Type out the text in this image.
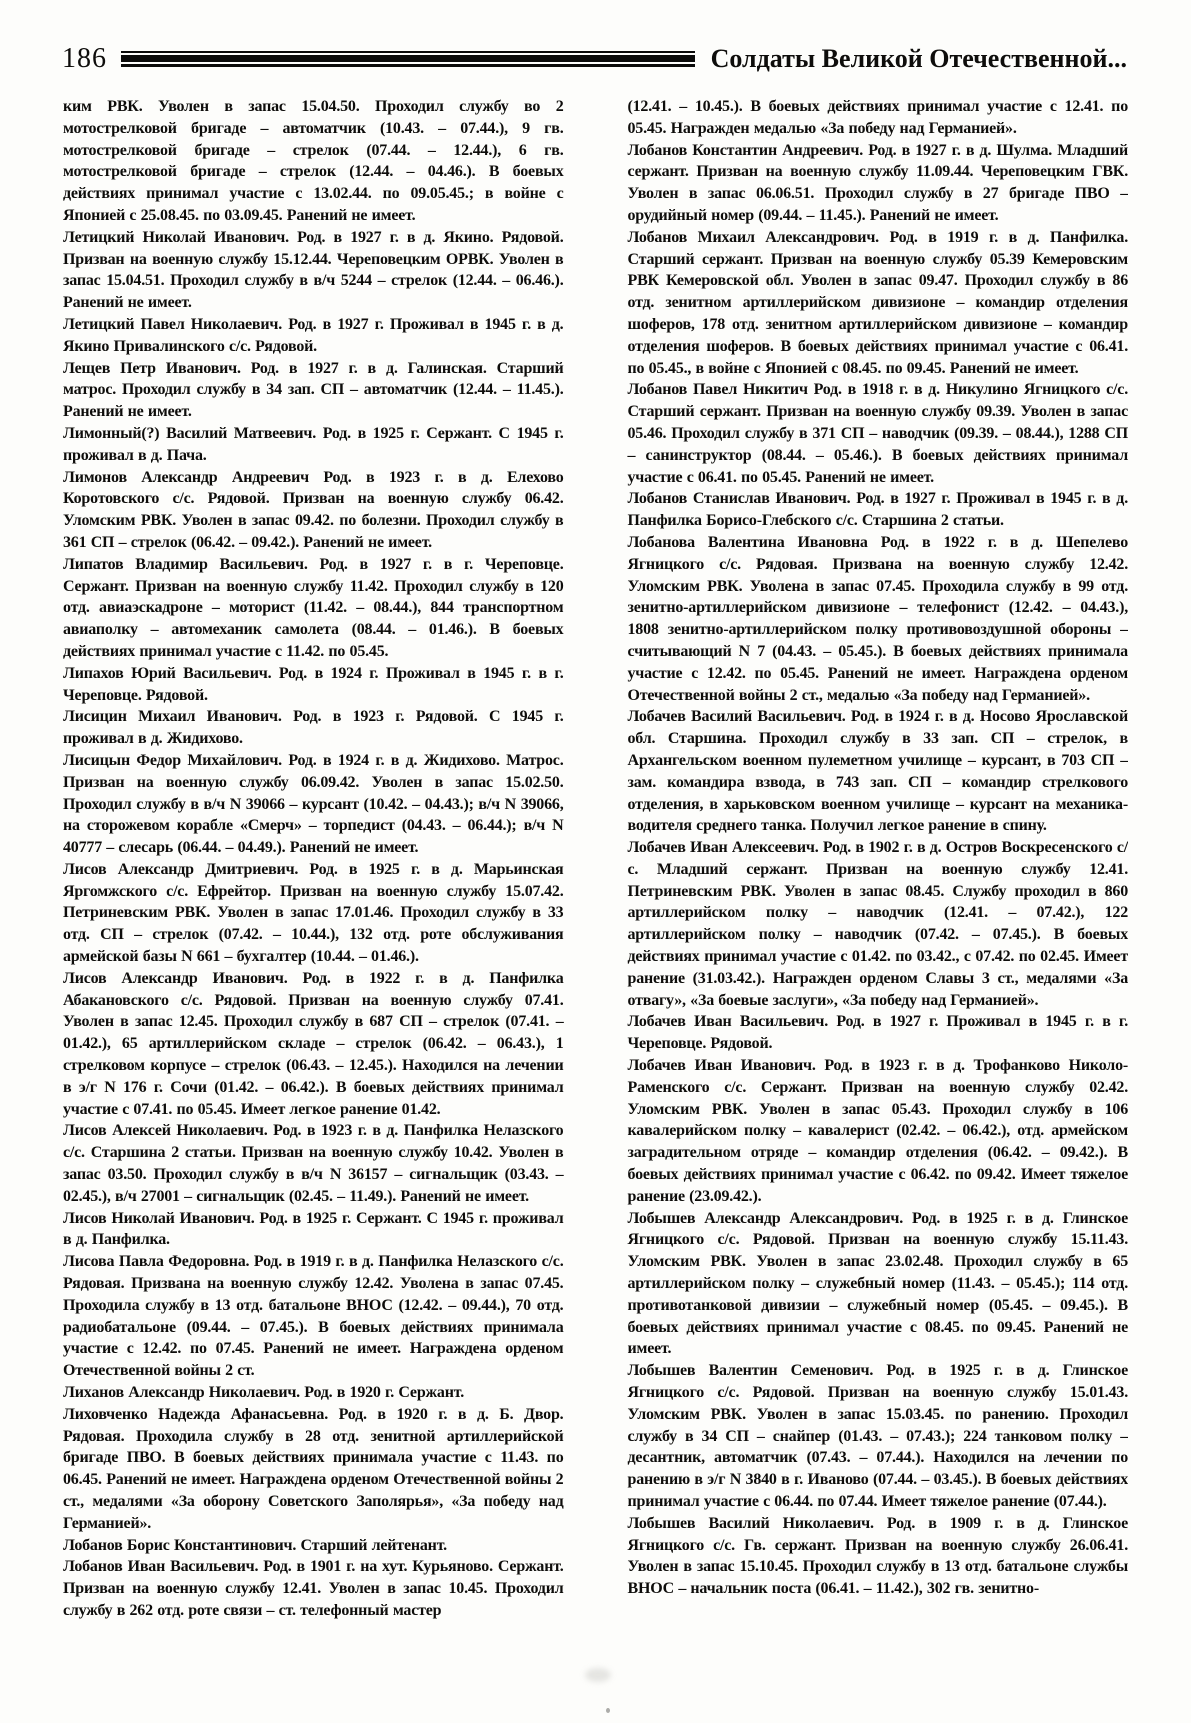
186	Солдаты Великой Отечественной...

ким РВК. Уволен в запас 15.04.50. Проходил службу во 2 мотострелковой бригаде – автоматчик (10.43. – 07.44.), 9 гв. мотострелковой бригаде – стрелок (07.44. – 12.44.), 6 гв. мотострелковой бригаде – стрелок (12.44. – 04.46.). В боевых действиях принимал участие с 13.02.44. по 09.05.45.; в войне с Японией с 25.08.45. по 03.09.45. Ранений не имеет.

Летицкий Николай Иванович. Род. в 1927 г. в д. Якино. Рядовой. Призван на военную службу 15.12.44. Череповецким ОРВК. Уволен в запас 15.04.51. Проходил службу в в/ч 5244 – стрелок (12.44. – 06.46.). Ранений не имеет.

Летицкий Павел Николаевич. Род. в 1927 г. Проживал в 1945 г. в д. Якино Привалинского с/с. Рядовой.

Лещев Петр Иванович. Род. в 1927 г. в д. Галинская. Старший матрос. Проходил службу в 34 зап. СП – автоматчик (12.44. – 11.45.). Ранений не имеет.

Лимонный(?) Василий Матвеевич. Род. в 1925 г. Сержант. С 1945 г. проживал в д. Пача.

Лимонов Александр Андреевич Род. в 1923 г. в д. Елехово Коротовского с/с. Рядовой. Призван на военную службу 06.42. Уломским РВК. Уволен в запас 09.42. по болезни. Проходил службу в 361 СП – стрелок (06.42. – 09.42.). Ранений не имеет.

Липатов Владимир Васильевич. Род. в 1927 г. в г. Череповце. Сержант. Призван на военную службу 11.42. Проходил службу в 120 отд. авиаэскадроне – моторист (11.42. – 08.44.), 844 транспортном авиаполку – автомеханик самолета (08.44. – 01.46.). В боевых действиях принимал участие с 11.42. по 05.45.

Липахов Юрий Васильевич. Род. в 1924 г. Проживал в 1945 г. в г. Череповце. Рядовой.

Лисицин Михаил Иванович. Род. в 1923 г. Рядовой. С 1945 г. проживал в д. Жидихово.

Лисицын Федор Михайлович. Род. в 1924 г. в д. Жидихово. Матрос. Призван на военную службу 06.09.42. Уволен в запас 15.02.50. Проходил службу в в/ч N 39066 – курсант (10.42. – 04.43.); в/ч N 39066, на сторожевом корабле «Смерч» – торпедист (04.43. – 06.44.); в/ч N 40777 – слесарь (06.44. – 04.49.). Ранений не имеет.

Лисов Александр Дмитриевич. Род. в 1925 г. в д. Марьинская Яргомжского с/с. Ефрейтор. Призван на военную службу 15.07.42. Петриневским РВК. Уволен в запас 17.01.46. Проходил службу в 33 отд. СП – стрелок (07.42. – 10.44.), 132 отд. роте обслуживания армейской базы N 661 – бухгалтер (10.44. – 01.46.).

Лисов Александр Иванович. Род. в 1922 г. в д. Панфилка Абакановского с/с. Рядовой. Призван на военную службу 07.41. Уволен в запас 12.45. Проходил службу в 687 СП – стрелок (07.41. – 01.42.), 65 артиллерийском складе – стрелок (06.42. – 06.43.), 1 стрелковом корпусе – стрелок (06.43. – 12.45.). Находился на лечении в э/г N 176 г. Сочи (01.42. – 06.42.). В боевых действиях принимал участие с 07.41. по 05.45. Имеет легкое ранение 01.42.

Лисов Алексей Николаевич. Род. в 1923 г. в д. Панфилка Нелазского с/с. Старшина 2 статьи. Призван на военную службу 10.42. Уволен в запас 03.50. Проходил службу в в/ч N 36157 – сигнальщик (03.43. – 02.45.), в/ч 27001 – сигнальщик (02.45. – 11.49.). Ранений не имеет.

Лисов Николай Иванович. Род. в 1925 г. Сержант. С 1945 г. проживал в д. Панфилка.

Лисова Павла Федоровна. Род. в 1919 г. в д. Панфилка Нелазского с/с. Рядовая. Призвана на военную службу 12.42. Уволена в запас 07.45. Проходила службу в 13 отд. батальоне ВНОС (12.42. – 09.44.), 70 отд. радиобатальоне (09.44. – 07.45.). В боевых действиях принимала участие с 12.42. по 07.45. Ранений не имеет. Награждена орденом Отечественной войны 2 ст.

Лиханов Александр Николаевич. Род. в 1920 г. Сержант.

Лиховченко Надежда Афанасьевна. Род. в 1920 г. в д. Б. Двор. Рядовая. Проходила службу в 28 отд. зенитной артиллерийской бригаде ПВО. В боевых действиях принимала участие с 11.43. по 06.45. Ранений не имеет. Награждена орденом Отечественной войны 2 ст., медалями «За оборону Советского Заполярья», «За победу над Германией».

Лобанов Борис Константинович. Старший лейтенант.

Лобанов Иван Васильевич. Род. в 1901 г. на хут. Курьяново. Сержант. Призван на военную службу 12.41. Уволен в запас 10.45. Проходил службу в 262 отд. роте связи – ст. телефонный мастер

(12.41. – 10.45.). В боевых действиях принимал участие с 12.41. по 05.45. Награжден медалью «За победу над Германией».

Лобанов Константин Андреевич. Род. в 1927 г. в д. Шулма. Младший сержант. Призван на военную службу 11.09.44. Череповецким ГВК. Уволен в запас 06.06.51. Проходил службу в 27 бригаде ПВО – орудийный номер (09.44. – 11.45.). Ранений не имеет.

Лобанов Михаил Александрович. Род. в 1919 г. в д. Панфилка. Старший сержант. Призван на военную службу 05.39 Кемеровским РВК Кемеровской обл. Уволен в запас 09.47. Проходил службу в 86 отд. зенитном артиллерийском дивизионе – командир отделения шоферов, 178 отд. зенитном артиллерийском дивизионе – командир отделения шоферов. В боевых действиях принимал участие с 06.41. по 05.45., в войне с Японией с 08.45. по 09.45. Ранений не имеет.

Лобанов Павел Никитич Род. в 1918 г. в д. Никулино Ягницкого с/с. Старший сержант. Призван на военную службу 09.39. Уволен в запас 05.46. Проходил службу в 371 СП – наводчик (09.39. – 08.44.), 1288 СП – санинструктор (08.44. – 05.46.). В боевых действиях принимал участие с 06.41. по 05.45. Ранений не имеет.

Лобанов Станислав Иванович. Род. в 1927 г. Проживал в 1945 г. в д. Панфилка Борисо-Глебского с/с. Старшина 2 статьи.

Лобанова Валентина Ивановна Род. в 1922 г. в д. Шепелево Ягницкого с/с. Рядовая. Призвана на военную службу 12.42. Уломским РВК. Уволена в запас 07.45. Проходила службу в 99 отд. зенитно-артиллерийском дивизионе – телефонист (12.42. – 04.43.), 1808 зенитно-артиллерийском полку противовоздушной обороны – считывающий N 7 (04.43. – 05.45.). В боевых действиях принимала участие с 12.42. по 05.45. Ранений не имеет. Награждена орденом Отечественной войны 2 ст., медалью «За победу над Германией».

Лобачев Василий Васильевич. Род. в 1924 г. в д. Носово Ярославской обл. Старшина. Проходил службу в 33 зап. СП – стрелок, в Архангельском военном пулеметном училище – курсант, в 703 СП – зам. командира взвода, в 743 зап. СП – командир стрелкового отделения, в харьковском военном училище – курсант на механика-водителя среднего танка. Получил легкое ранение в спину.

Лобачев Иван Алексеевич. Род. в 1902 г. в д. Остров Воскресенского с/с. Младший сержант. Призван на военную службу 12.41. Петриневским РВК. Уволен в запас 08.45. Службу проходил в 860 артиллерийском полку – наводчик (12.41. – 07.42.), 122 артиллерийском полку – наводчик (07.42. – 07.45.). В боевых действиях принимал участие с 01.42. по 03.42., с 07.42. по 02.45. Имеет ранение (31.03.42.). Награжден орденом Славы 3 ст., медалями «За отвагу», «За боевые заслуги», «За победу над Германией».

Лобачев Иван Васильевич. Род. в 1927 г. Проживал в 1945 г. в г. Череповце. Рядовой.

Лобачев Иван Иванович. Род. в 1923 г. в д. Трофанково Николо-Раменского с/с. Сержант. Призван на военную службу 02.42. Уломским РВК. Уволен в запас 05.43. Проходил службу в 106 кавалерийском полку – кавалерист (02.42. – 06.42.), отд. армейском заградительном отряде – командир отделения (06.42. – 09.42.). В боевых действиях принимал участие с 06.42. по 09.42. Имеет тяжелое ранение (23.09.42.).

Лобышев Александр Александрович. Род. в 1925 г. в д. Глинское Ягницкого с/с. Рядовой. Призван на военную службу 15.11.43. Уломским РВК. Уволен в запас 23.02.48. Проходил службу в 65 артиллерийском полку – служебный номер (11.43. – 05.45.); 114 отд. противотанковой дивизии – служебный номер (05.45. – 09.45.). В боевых действиях принимал участие с 08.45. по 09.45. Ранений не имеет.

Лобышев Валентин Семенович. Род. в 1925 г. в д. Глинское Ягницкого с/с. Рядовой. Призван на военную службу 15.01.43. Уломским РВК. Уволен в запас 15.03.45. по ранению. Проходил службу в 34 СП – снайпер (01.43. – 07.43.); 224 танковом полку – десантник, автоматчик (07.43. – 07.44.). Находился на лечении по ранению в э/г N 3840 в г. Иваново (07.44. – 03.45.). В боевых действиях принимал участие с 06.44. по 07.44. Имеет тяжелое ранение (07.44.).

Лобышев Василий Николаевич. Род. в 1909 г. в д. Глинское Ягницкого с/с. Гв. сержант. Призван на военную службу 26.06.41. Уволен в запас 15.10.45. Проходил службу в 13 отд. батальоне службы ВНОС – начальник поста (06.41. – 11.42.), 302 гв. зенитно-
